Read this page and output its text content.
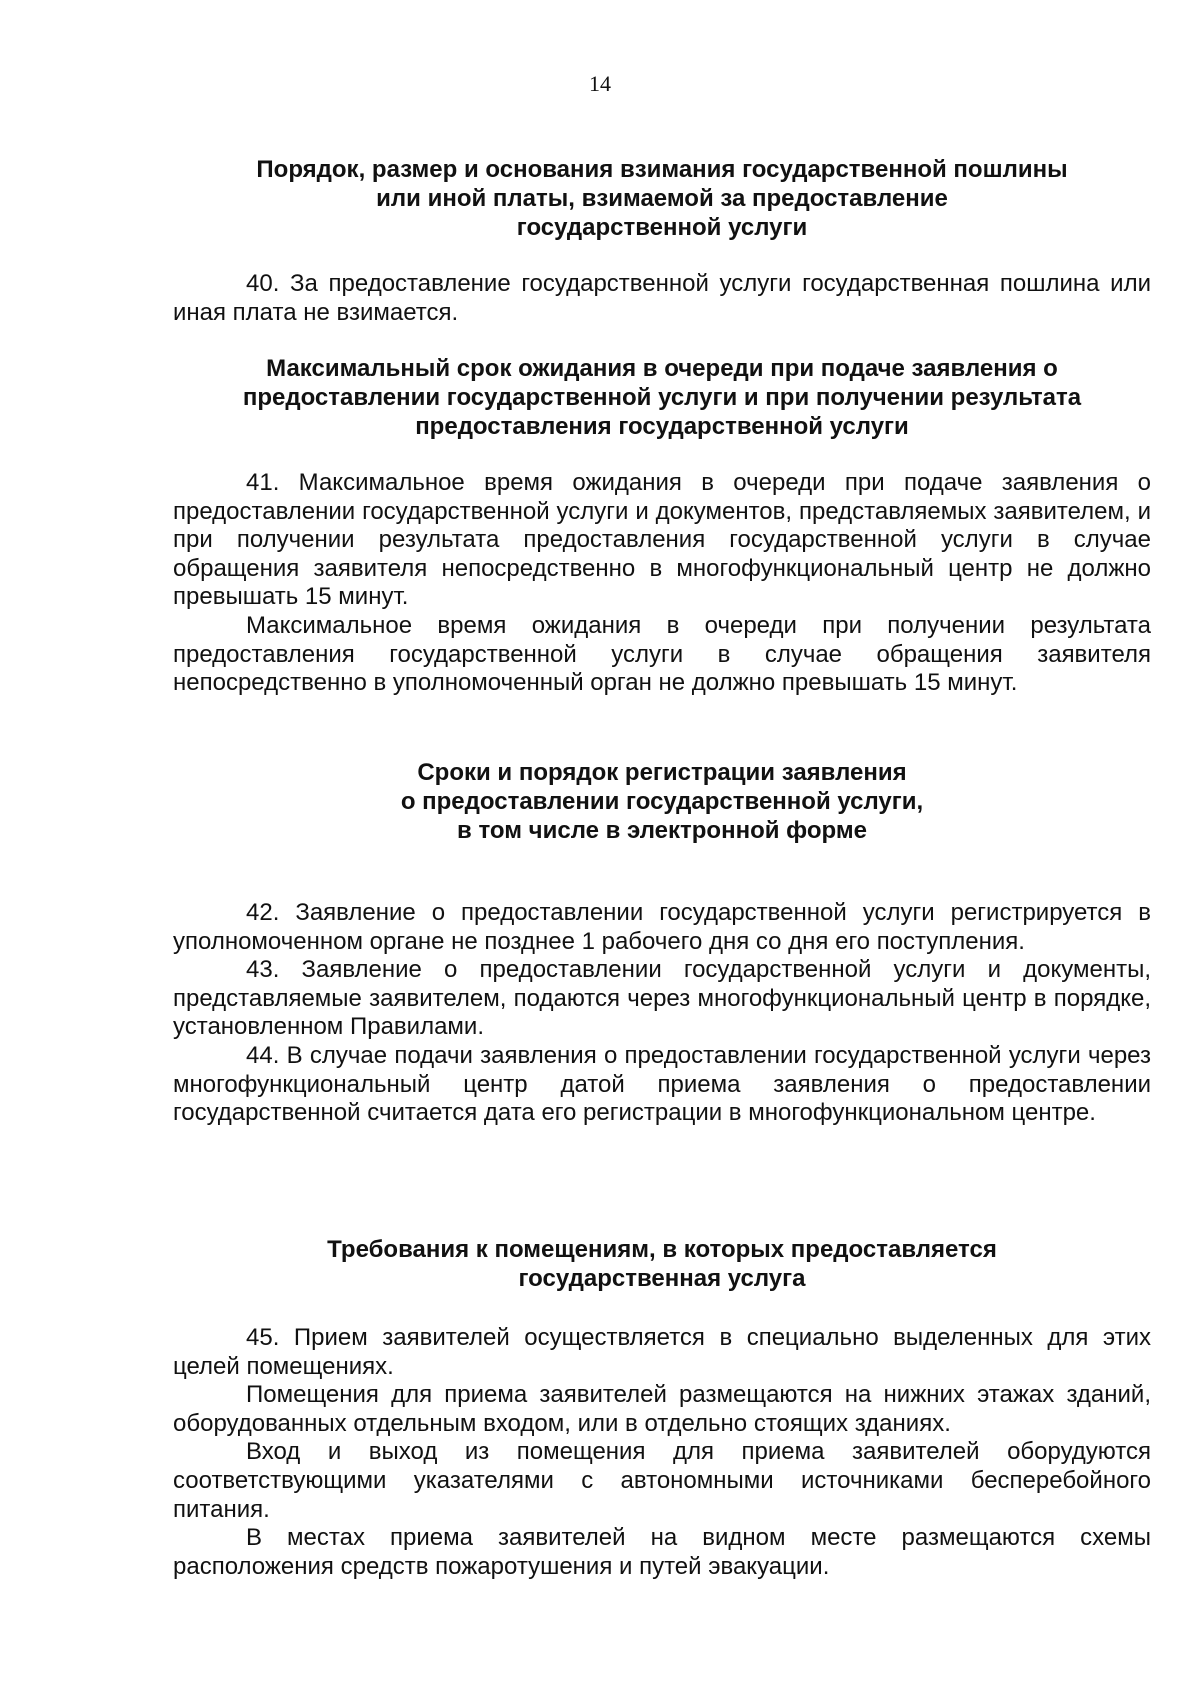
14
Порядок, размер и основания взимания государственной пошлины
или иной платы, взимаемой за предоставление
государственной услуги

40. За предоставление государственной услуги государственная пошлина или иная плата не взимается.

Максимальный срок ожидания в очереди при подаче заявления о
предоставлении государственной услуги и при получении результата
предоставления государственной услуги

41. Максимальное время ожидания в очереди при подаче заявления о предоставлении государственной услуги и документов, представляемых заявителем, и при получении результата предоставления государственной услуги в случае обращения заявителя непосредственно в многофункциональный центр не должно превышать 15 минут.

Максимальное время ожидания в очереди при получении результата предоставления государственной услуги в случае обращения заявителя непосредственно в уполномоченный орган не должно превышать 15 минут.

Сроки и порядок регистрации заявления
о предоставлении государственной услуги,
в том числе в электронной форме

42. Заявление о предоставлении государственной услуги регистрируется в уполномоченном органе не позднее 1 рабочего дня со дня его поступления.

43. Заявление о предоставлении государственной услуги и документы, представляемые заявителем, подаются через многофункциональный центр в порядке, установленном Правилами.

44. В случае подачи заявления о предоставлении государственной услуги через многофункциональный центр датой приема заявления о предоставлении государственной считается дата его регистрации в многофункциональном центре.

Требования к помещениям, в которых предоставляется
государственная услуга

45. Прием заявителей осуществляется в специально выделенных для этих целей помещениях.

Помещения для приема заявителей размещаются на нижних этажах зданий, оборудованных отдельным входом, или в отдельно стоящих зданиях.

Вход и выход из помещения для приема заявителей оборудуются соответствующими указателями с автономными источниками бесперебойного питания.

В местах приема заявителей на видном месте размещаются схемы расположения средств пожаротушения и путей эвакуации.
